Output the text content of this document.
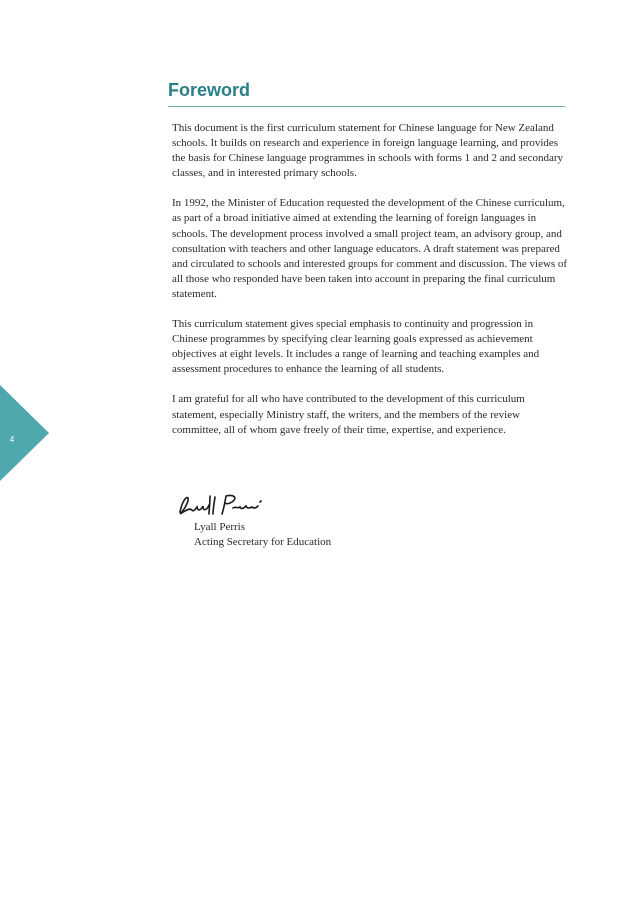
4
Foreword

This document is the first curriculum statement for Chinese language for New Zealand schools. It builds on research and experience in foreign language learning, and provides the basis for Chinese language programmes in schools with forms 1 and 2 and secondary classes, and in interested primary schools.

In 1992, the Minister of Education requested the development of the Chinese curriculum, as part of a broad initiative aimed at extending the learning of foreign languages in schools. The development process involved a small project team, an advisory group, and consultation with teachers and other language educators. A draft statement was prepared and circulated to schools and interested groups for comment and discussion. The views of all those who responded have been taken into account in preparing the final curriculum statement.

This curriculum statement gives special emphasis to continuity and progression in Chinese programmes by specifying clear learning goals expressed as achievement objectives at eight levels. It includes a range of learning and teaching examples and assessment procedures to enhance the learning of all students.

I am grateful for all who have contributed to the development of this curriculum statement, especially Ministry staff, the writers, and the members of the review committee, all of whom gave freely of their time, expertise, and experience.

Lyall Perris
Acting Secretary for Education
